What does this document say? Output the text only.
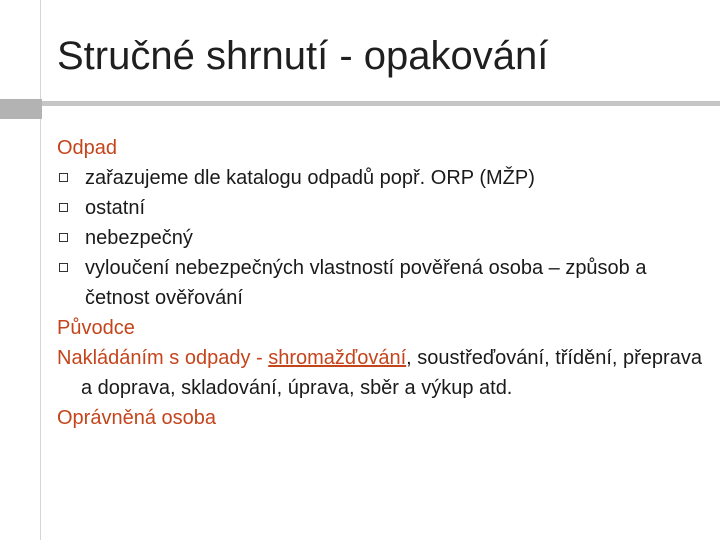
Stručné shrnutí - opakování
Odpad
zařazujeme dle katalogu odpadů popř. ORP (MŽP)
ostatní
nebezpečný
vyloučení nebezpečných vlastností pověřená osoba – způsob a četnost ověřování
Původce
Nakládáním s odpady - shromažďování, soustřeďování, třídění, přeprava a doprava, skladování, úprava, sběr a výkup atd.
Oprávněná osoba
